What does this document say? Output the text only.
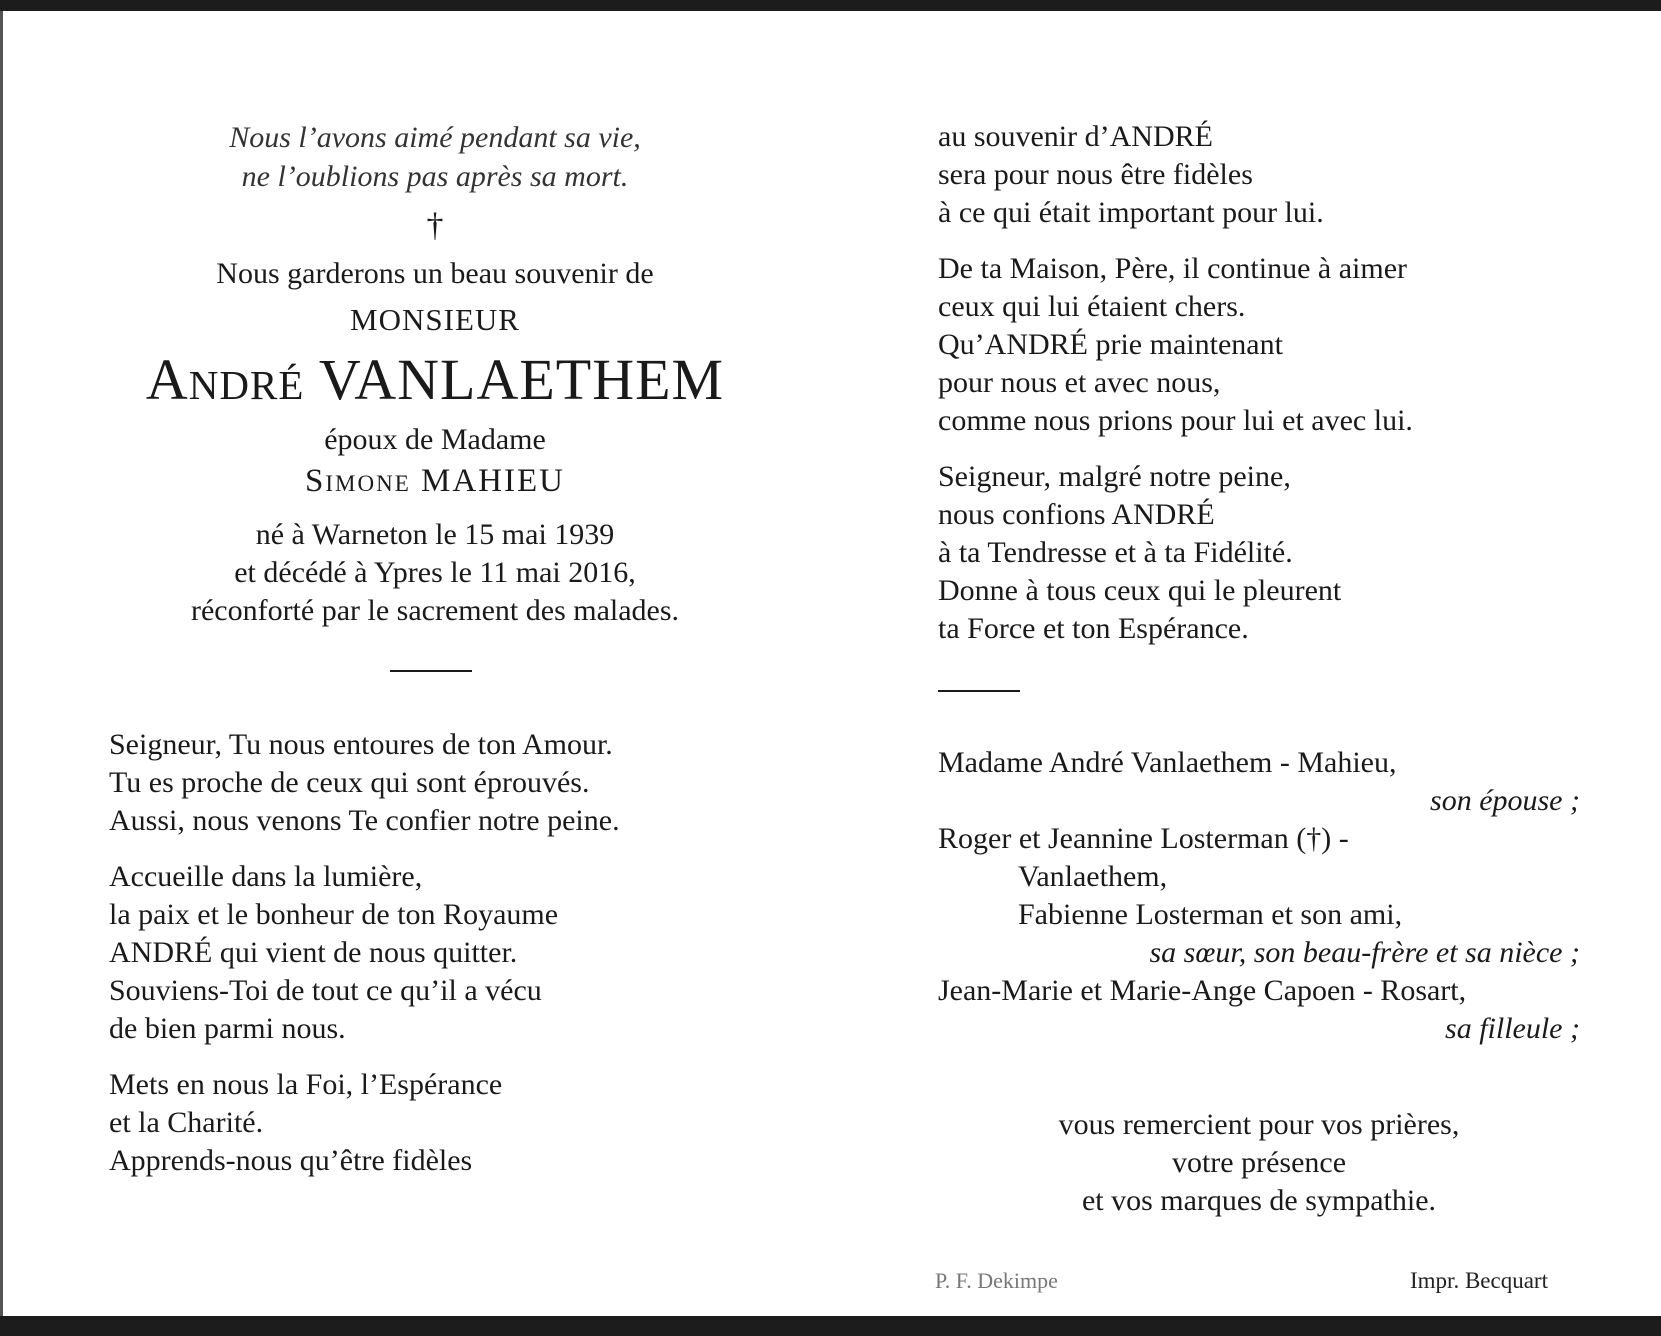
Nous l’avons aimé pendant sa vie,

ne l’oublions pas après sa mort.

†
Nous garderons un beau souvenir de
MONSIEUR
André VANLAETHEM
époux de Madame
Simone MAHIEU
né à Warneton le 15 mai 1939
et décédé à Ypres le 11 mai 2016,
réconforté par le sacrement des malades.
Seigneur, Tu nous entoures de ton Amour.
Tu es proche de ceux qui sont éprouvés.
Aussi, nous venons Te confier notre peine.
Accueille dans la lumière,
la paix et le bonheur de ton Royaume
ANDRÉ qui vient de nous quitter.
Souviens-Toi de tout ce qu’il a vécu
de bien parmi nous.
Mets en nous la Foi, l’Espérance
et la Charité.
Apprends-nous qu’être fidèles
au souvenir d’ANDRÉ
sera pour nous être fidèles
à ce qui était important pour lui.
De ta Maison, Père, il continue à aimer
ceux qui lui étaient chers.
Qu’ANDRÉ prie maintenant
pour nous et avec nous,
comme nous prions pour lui et avec lui.
Seigneur, malgré notre peine,
nous confions ANDRÉ
à ta Tendresse et à ta Fidélité.
Donne à tous ceux qui le pleurent
ta Force et ton Espérance.
Madame André Vanlaethem - Mahieu,
son épouse ;
Roger et Jeannine Losterman (†) -
Vanlaethem,
Fabienne Losterman et son ami,
sa sœur, son beau-frère et sa nièce ;
Jean-Marie et Marie-Ange Capoen - Rosart,
sa filleule ;
vous remercient pour vos prières,
votre présence
et vos marques de sympathie.
P. F. Dekimpe	Impr. Becquart
